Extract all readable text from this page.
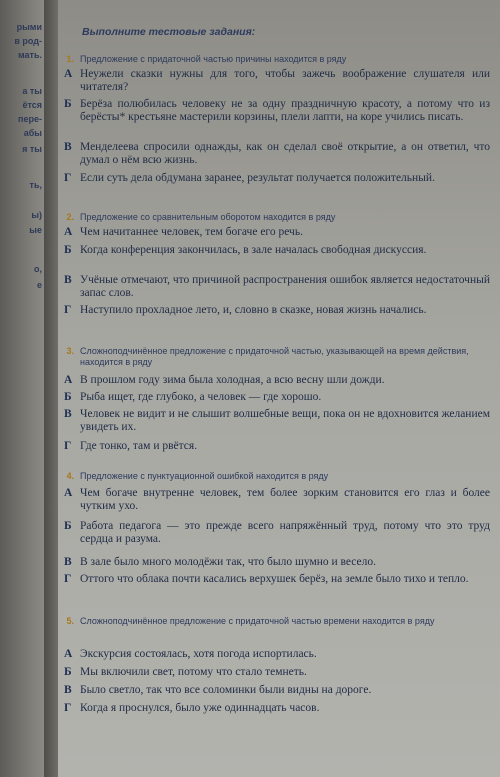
рыми
в род-
мать.
а ты
ётся
пере-
абы
я ты
ть,
ы)
ые
о,
е
Выполните тестовые задания:
1. Предложение с придаточной частью причины находится в ряду
А Неужели сказки нужны для того, чтобы зажечь воображение слушателя или читателя?
Б Берёза полюбилась человеку не за одну праздничную красоту, а потому что из берёсты* крестьяне мастерили корзины, плели лапти, на коре учились писать.
В Менделеева спросили однажды, как он сделал своё открытие, а он ответил, что думал о нём всю жизнь.
Г Если суть дела обдумана заранее, результат получается положительный.
2. Предложение со сравнительным оборотом находится в ряду
А Чем начитаннее человек, тем богаче его речь.
Б Когда конференция закончилась, в зале началась свободная дискуссия.
В Учёные отмечают, что причиной распространения ошибок является недостаточный запас слов.
Г Наступило прохладное лето, и, словно в сказке, новая жизнь начались.
3. Сложноподчинённое предложение с придаточной частью, указывающей на время действия, находится в ряду
А В прошлом году зима была холодная, а всю весну шли дожди.
Б Рыба ищет, где глубоко, а человек — где хорошо.
В Человек не видит и не слышит волшебные вещи, пока он не вдохновится желанием увидеть их.
Г Где тонко, там и рвётся.
4. Предложение с пунктуационной ошибкой находится в ряду
А Чем богаче внутренне человек, тем более зорким становится его глаз и более чутким ухо.
Б Работа педагога — это прежде всего напряжённый труд, потому что это труд сердца и разума.
В В зале было много молодёжи так, что было шумно и весело.
Г Оттого что облака почти касались верхушек берёз, на земле было тихо и тепло.
5. Сложноподчинённое предложение с придаточной частью времени находится в ряду
А Экскурсия состоялась, хотя погода испортилась.
Б Мы включили свет, потому что стало темнеть.
В Было светло, так что все соломинки были видны на дороге.
Г Когда я проснулся, было уже одиннадцать часов.
